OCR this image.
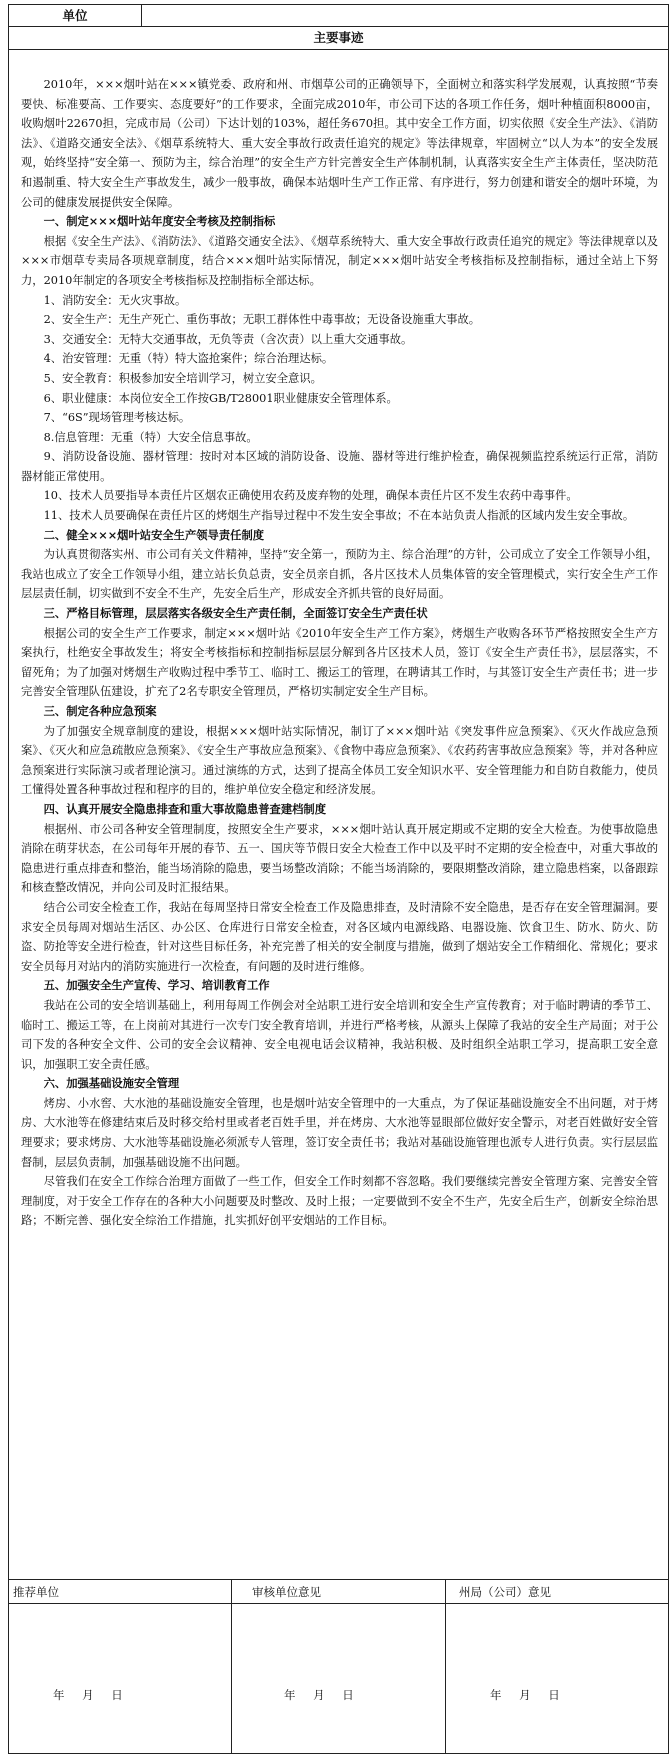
单位
主要事迹

2010年，×××烟叶站在×××镇党委、政府和州、市烟草公司的正确领导下，全面树立和落实科学发展观，认真按照“节奏要快、标准要高、工作要实、态度要好”的工作要求，全面完成2010年，市公司下达的各项工作任务，烟叶种植面积8000亩，收购烟叶22670担，完成市局（公司）下达计划的103%，超任务670担。其中安全工作方面，切实依照《安全生产法》、《消防法》、《道路交通安全法》、《烟草系统特大、重大安全事故行政责任追究的规定》等法律规章，牢固树立“以人为本”的安全发展观，始终坚持“安全第一、预防为主，综合治理”的安全生产方针完善安全生产体制机制，认真落实安全生产主体责任，坚决防范和遏制重、特大安全生产事故发生，减少一般事故，确保本站烟叶生产工作正常、有序进行，努力创建和谐安全的烟叶环境，为公司的健康发展提供安全保障。

一、制定×××烟叶站年度安全考核及控制指标

根据《安全生产法》、《消防法》、《道路交通安全法》、《烟草系统特大、重大安全事故行政责任追究的规定》等法律规章以及×××市烟草专卖局各项规章制度，结合×××烟叶站实际情况，制定×××烟叶站安全考核指标及控制指标，通过全站上下努力，2010年制定的各项安全考核指标及控制指标全部达标。

1、消防安全：无火灾事故。

2、安全生产：无生产死亡、重伤事故；无职工群体性中毒事故；无设备设施重大事故。

3、交通安全：无特大交通事故，无负等责（含次责）以上重大交通事故。

4、治安管理：无重（特）特大盗抢案件；综合治理达标。

5、安全教育：积极参加安全培训学习，树立安全意识。

6、职业健康：本岗位安全工作按GB/T28001职业健康安全管理体系。

7、“6S”现场管理考核达标。

8.信息管理：无重（特）大安全信息事故。

9、消防设备设施、器材管理：按时对本区域的消防设备、设施、器材等进行维护检查，确保视频监控系统运行正常，消防器材能正常使用。

10、技术人员要指导本责任片区烟农正确使用农药及废弃物的处理，确保本责任片区不发生农药中毒事件。

11、技术人员要确保在责任片区的烤烟生产指导过程中不发生安全事故；不在本站负责人指派的区域内发生安全事故。

二、健全×××烟叶站安全生产领导责任制度

为认真贯彻落实州、市公司有关文件精神，坚持“安全第一，预防为主、综合治理”的方针，公司成立了安全工作领导小组，我站也成立了安全工作领导小组，建立站长负总责，安全员亲自抓，各片区技术人员集体管的安全管理模式，实行安全生产工作层层责任制，切实做到不安全不生产，先安全后生产，形成安全齐抓共管的良好局面。

三、严格目标管理，层层落实各级安全生产责任制，全面签订安全生产责任状

根据公司的安全生产工作要求，制定×××烟叶站《2010年安全生产工作方案》，烤烟生产收购各环节严格按照安全生产方案执行，杜绝安全事故发生；将安全考核指标和控制指标层层分解到各片区技术人员，签订《安全生产责任书》，层层落实，不留死角；为了加强对烤烟生产收购过程中季节工、临时工、搬运工的管理，在聘请其工作时，与其签订安全生产责任书；进一步完善安全管理队伍建设，扩充了2名专职安全管理员，严格切实制定安全生产目标。

三、制定各种应急预案

为了加强安全规章制度的建设，根据×××烟叶站实际情况，制订了×××烟叶站《突发事件应急预案》、《灭火作战应急预案》、《灭火和应急疏散应急预案》、《安全生产事故应急预案》、《食物中毒应急预案》、《农药药害事故应急预案》等，并对各种应急预案进行实际演习或者理论演习。通过演练的方式，达到了提高全体员工安全知识水平、安全管理能力和自防自救能力，使员工懂得处置各种事故过程和程序的目的，维护单位安全稳定和经济发展。

四、认真开展安全隐患排查和重大事故隐患普查建档制度

根据州、市公司各种安全管理制度，按照安全生产要求，×××烟叶站认真开展定期或不定期的安全大检查。为使事故隐患消除在萌芽状态，在公司每年开展的春节、五一、国庆等节假日安全大检查工作中以及平时不定期的安全检查中，对重大事故的隐患进行重点排查和整治，能当场消除的隐患，要当场整改消除；不能当场消除的，要限期整改消除，建立隐患档案，以备跟踪和核查整改情况，并向公司及时汇报结果。

结合公司安全检查工作，我站在每周坚持日常安全检查工作及隐患排查，及时清除不安全隐患，是否存在安全管理漏洞。要求安全员每周对烟站生活区、办公区、仓库进行日常安全检查，对各区域内电源线路、电器设施、饮食卫生、防水、防火、防盗、防抢等安全进行检查，针对这些目标任务，补充完善了相关的安全制度与措施，做到了烟站安全工作精细化、常规化；要求安全员每月对站内的消防实施进行一次检查，有问题的及时进行维修。

五、加强安全生产宣传、学习、培训教育工作

我站在公司的安全培训基础上，利用每周工作例会对全站职工进行安全培训和安全生产宣传教育；对于临时聘请的季节工、临时工、搬运工等，在上岗前对其进行一次专门安全教育培训，并进行严格考核，从源头上保障了我站的安全生产局面；对于公司下发的各种安全文件、公司的安全会议精神、安全电视电话会议精神，我站积极、及时组织全站职工学习，提高职工安全意识，加强职工安全责任感。

六、加强基础设施安全管理

烤房、小水窖、大水池的基础设施安全管理，也是烟叶站安全管理中的一大重点，为了保证基础设施安全不出问题，对于烤房、大水池等在修建结束后及时移交给村里或者老百姓手里，并在烤房、大水池等显眼部位做好安全警示，对老百姓做好安全管理要求；要求烤房、大水池等基础设施必须派专人管理，签订安全责任书；我站对基础设施管理也派专人进行负责。实行层层监督制，层层负责制，加强基础设施不出问题。

尽管我们在安全工作综合治理方面做了一些工作，但安全工作时刻都不容忽略。我们要继续完善安全管理方案、完善安全管理制度，对于安全工作存在的各种大小问题要及时整改、及时上报；一定要做到不安全不生产，先安全后生产，创新安全综治思路；不断完善、强化安全综治工作措施，扎实抓好创平安烟站的工作目标。

推荐单位	审核单位意见	州局（公司）意见
年 月 日	年 月 日	年 月 日
